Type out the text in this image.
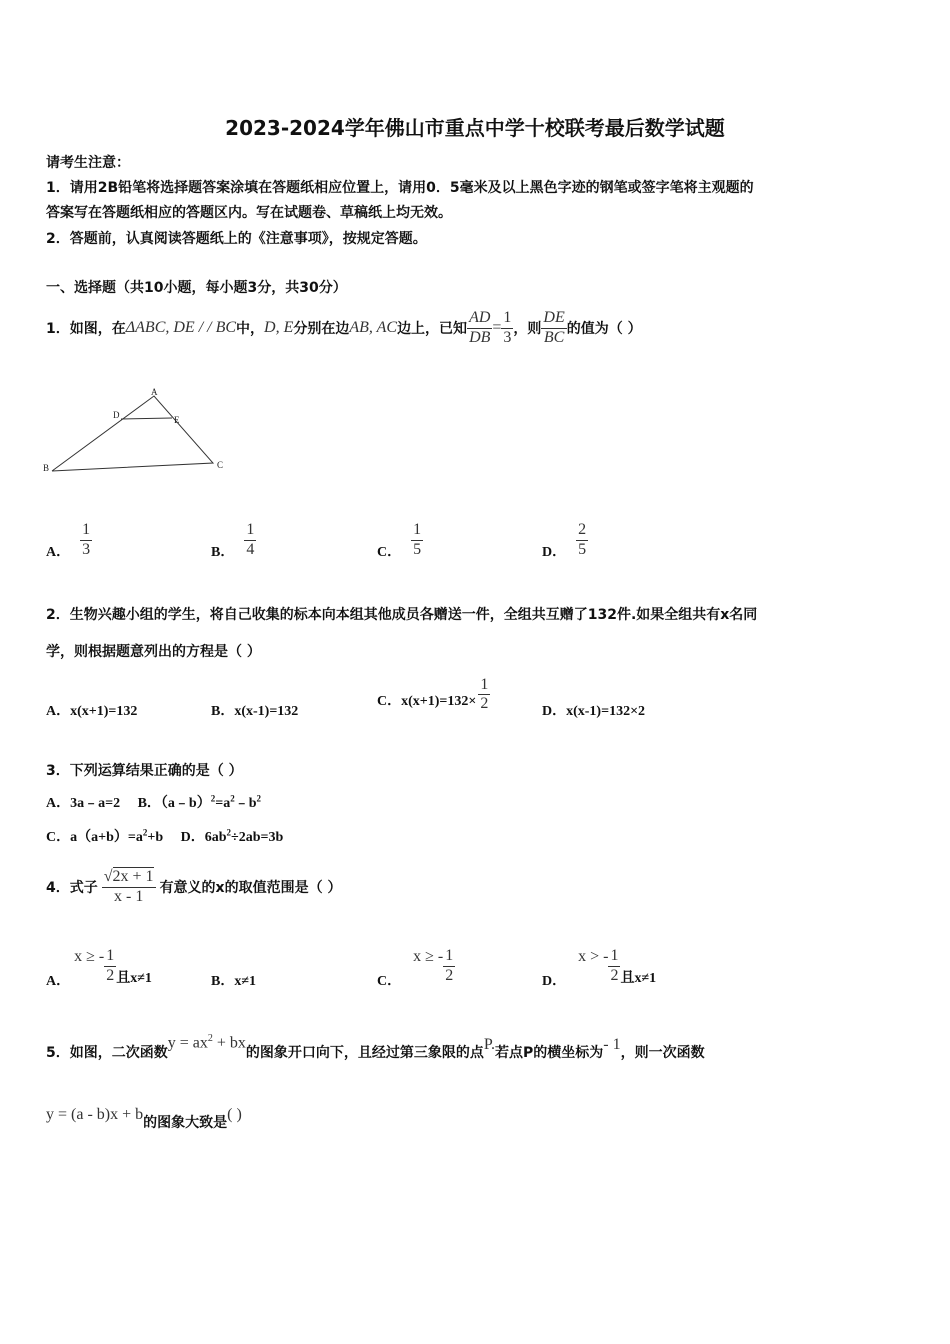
2023-2024学年佛山市重点中学十校联考最后数学试题
请考生注意：
1．请用2B铅笔将选择题答案涂填在答题纸相应位置上，请用0．5毫米及以上黑色字迹的钢笔或签字笔将主观题的
答案写在答题纸相应的答题区内。写在试题卷、草稿纸上均无效。
2．答题前，认真阅读答题纸上的《注意事项》，按规定答题。
一、选择题（共10小题，每小题3分，共30分）
1．如图，在 ΔABC, DE / / BC 中， D, E 分别在边 AB, AC 边上，已知 $\frac{AD}{DB} = \frac{1}{3}$ ，则 $\frac{DE}{BC}$ 的值为（ ）
A
D	E
B	C
A． $\frac{1}{3}$	B． $\frac{1}{4}$	C． $\frac{1}{5}$	D． $\frac{2}{5}$
2．生物兴趣小组的学生，将自己收集的标本向本组其他成员各赠送一件，全组共互赠了132件.如果全组共有x名同
学，则根据题意列出的方程是（ ）
A．x(x+1)=132	B．x(x-1)=132
C．$x(x+1)=132\times \frac{1}{2}$	D．x(x-1)=132×2
3．下列运算结果正确的是（ ）
A．3a﹣a=2 B．$(a﹣b)^2=a^2﹣b^2$
C．$a(a+b)=a^2+b$ D．$6ab^2\div 2ab=3b$
4．式子 $\frac{√2x + 1}{x - 1}$ 有意义的x的取值范围是（ ）
A．
x ≥ - $\frac{1}{2}$ 且x≠1	B．x≠1	C．
x ≥ - $\frac{1}{2}$	D．
x > - $\frac{1}{2}$ 且x≠1
5．如图，二次函数
$y = ax^2$ + bx
的图象开口向下，且经过第三象限的点 P. 若点P的横坐标为 - 1 ，则一次函数
y = (a - b)x + b 的图象大致是 ( )
